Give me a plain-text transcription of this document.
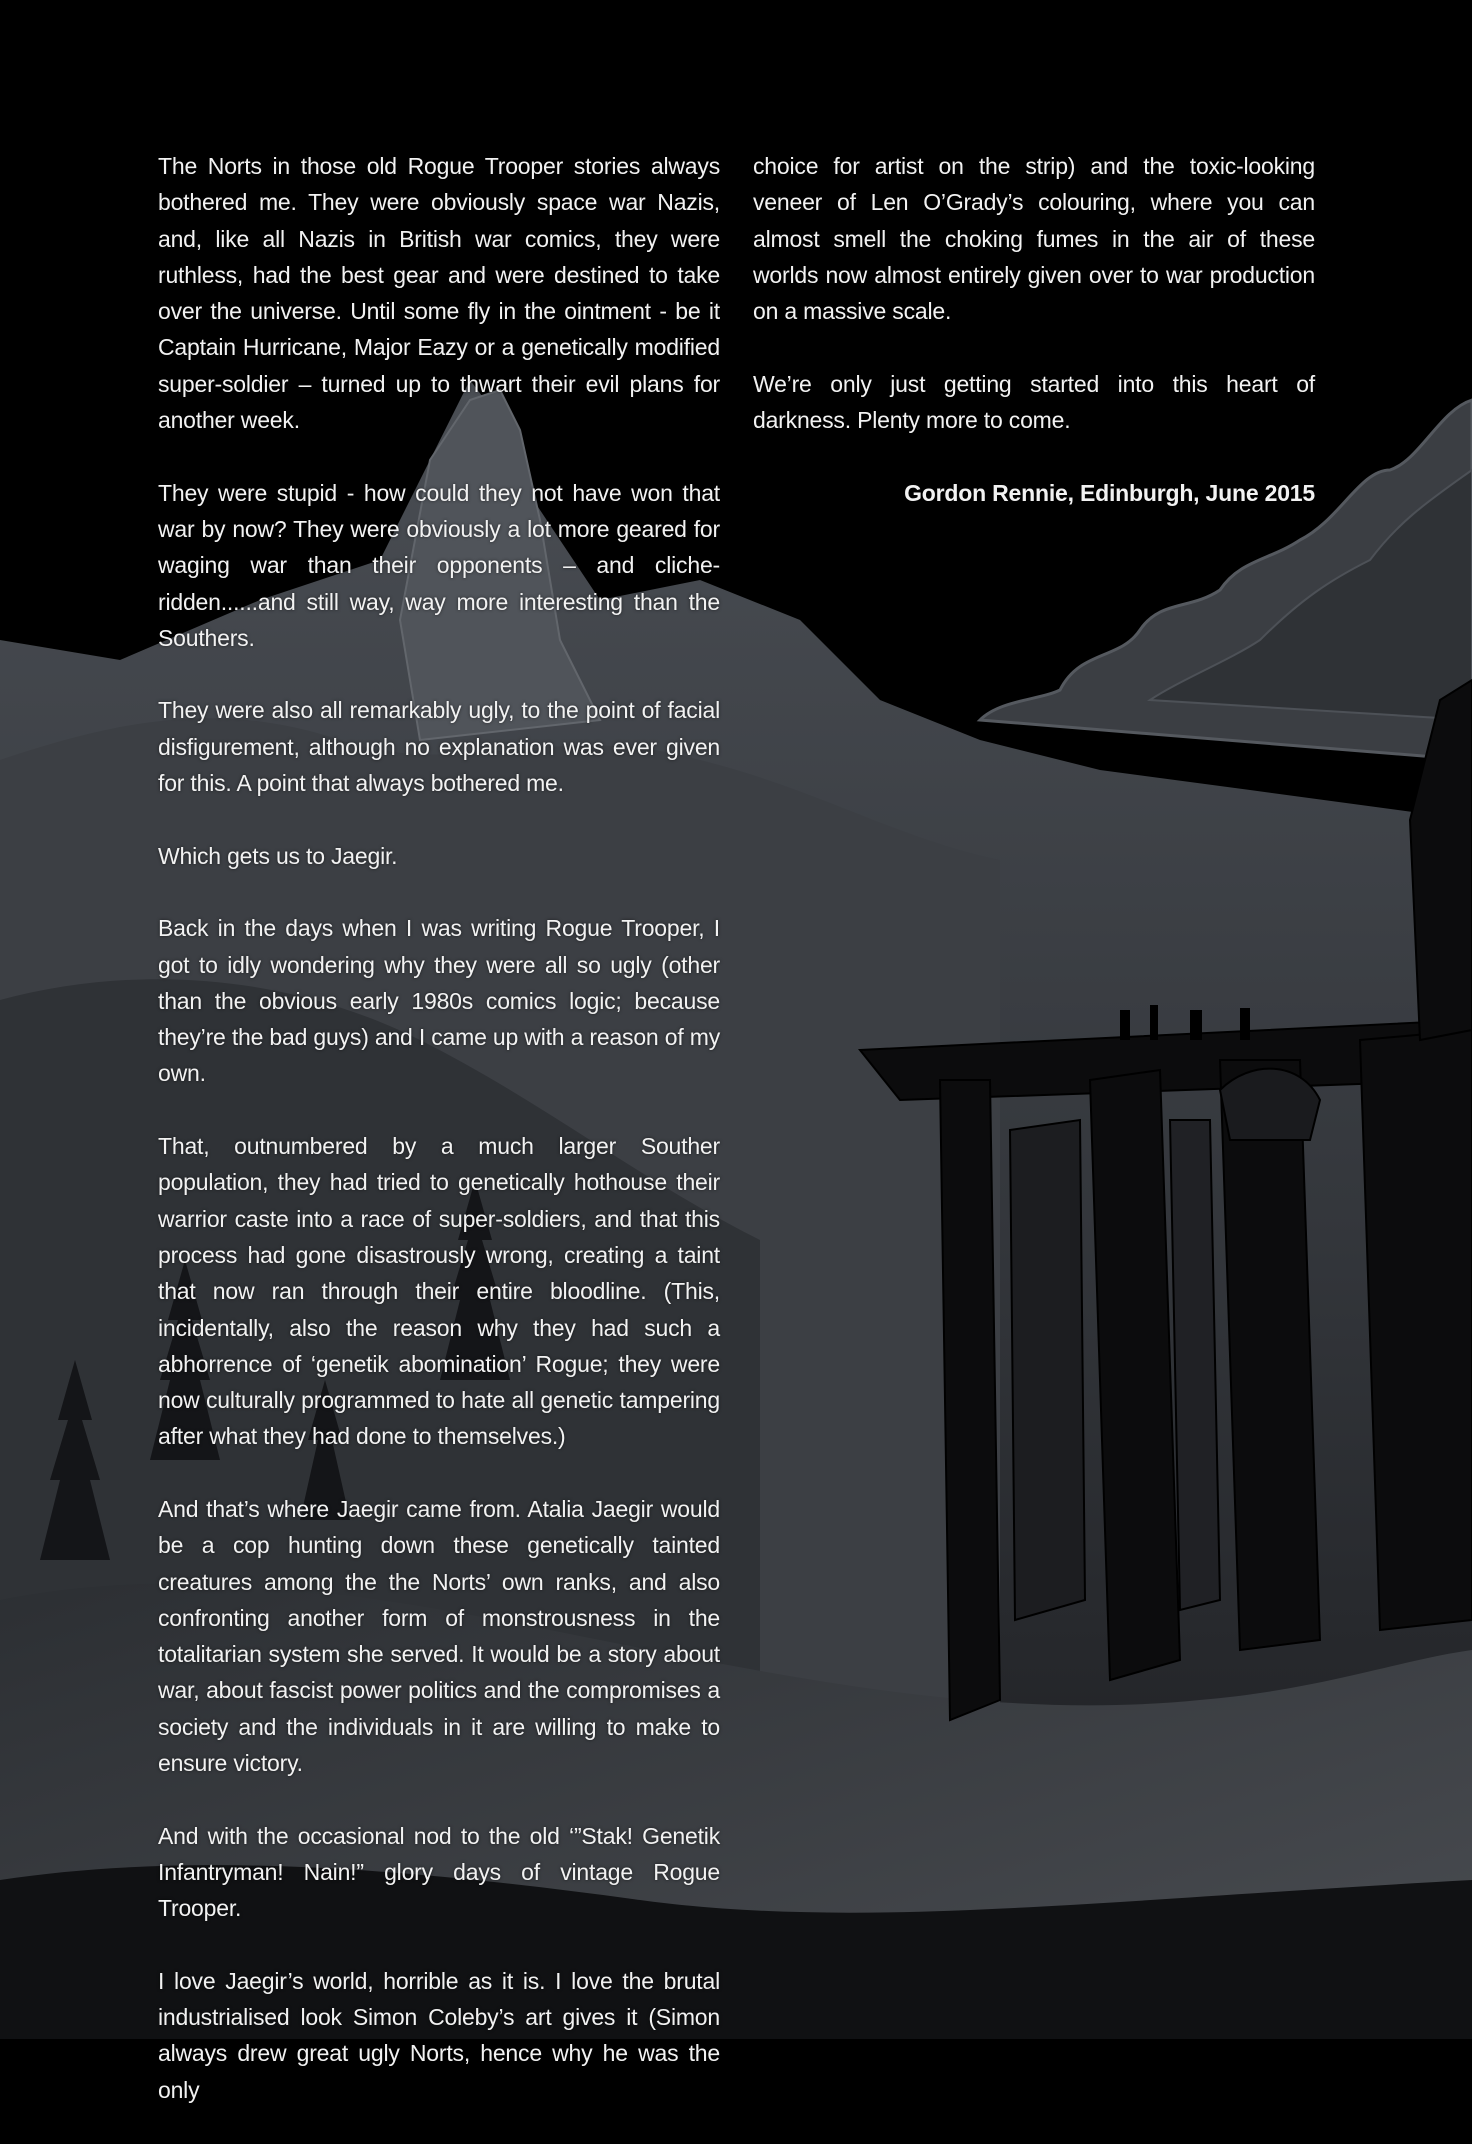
The Norts in those old Rogue Trooper stories always bothered me. They were obviously space war Nazis, and, like all Nazis in British war comics, they were ruthless, had the best gear and were destined to take over the universe. Until some fly in the ointment - be it Captain Hurricane, Major Eazy or a genetically modified super-soldier – turned up to thwart their evil plans for another week.

They were stupid - how could they not have won that war by now? They were obviously a lot more geared for waging war than their opponents – and cliche-ridden......and still way, way more interesting than the Southers.

They were also all remarkably ugly, to the point of facial disfigurement, although no explanation was ever given for this. A point that always bothered me.

Which gets us to Jaegir.

Back in the days when I was writing Rogue Trooper, I got to idly wondering why they were all so ugly (other than the obvious early 1980s comics logic; because they’re the bad guys) and I came up with a reason of my own.

That, outnumbered by a much larger Souther population, they had tried to genetically hothouse their warrior caste into a race of super-soldiers, and that this process had gone disastrously wrong, creating a taint that now ran through their entire bloodline. (This, incidentally, also the reason why they had such a abhorrence of ‘genetik abomination’ Rogue; they were now culturally programmed to hate all genetic tampering after what they had done to themselves.)

And that’s where Jaegir came from. Atalia Jaegir would be a cop hunting down these genetically tainted creatures among the the Norts’ own ranks, and also confronting another form of monstrousness in the totalitarian system she served. It would be a story about war, about fascist power politics and the compromises a society and the individuals in it are willing to make to ensure victory.

And with the occasional nod to the old ‘”Stak! Genetik Infantryman! Nain!” glory days of vintage Rogue Trooper.

I love Jaegir’s world, horrible as it is. I love the brutal industrialised look Simon Coleby’s art gives it (Simon always drew great ugly Norts, hence why he was the only

choice for artist on the strip) and the toxic-looking veneer of Len O’Grady’s colouring, where you can almost smell the choking fumes in the air of these worlds now almost entirely given over to war production on a massive scale.

We’re only just getting started into this heart of darkness. Plenty more to come.

Gordon Rennie, Edinburgh, June 2015
